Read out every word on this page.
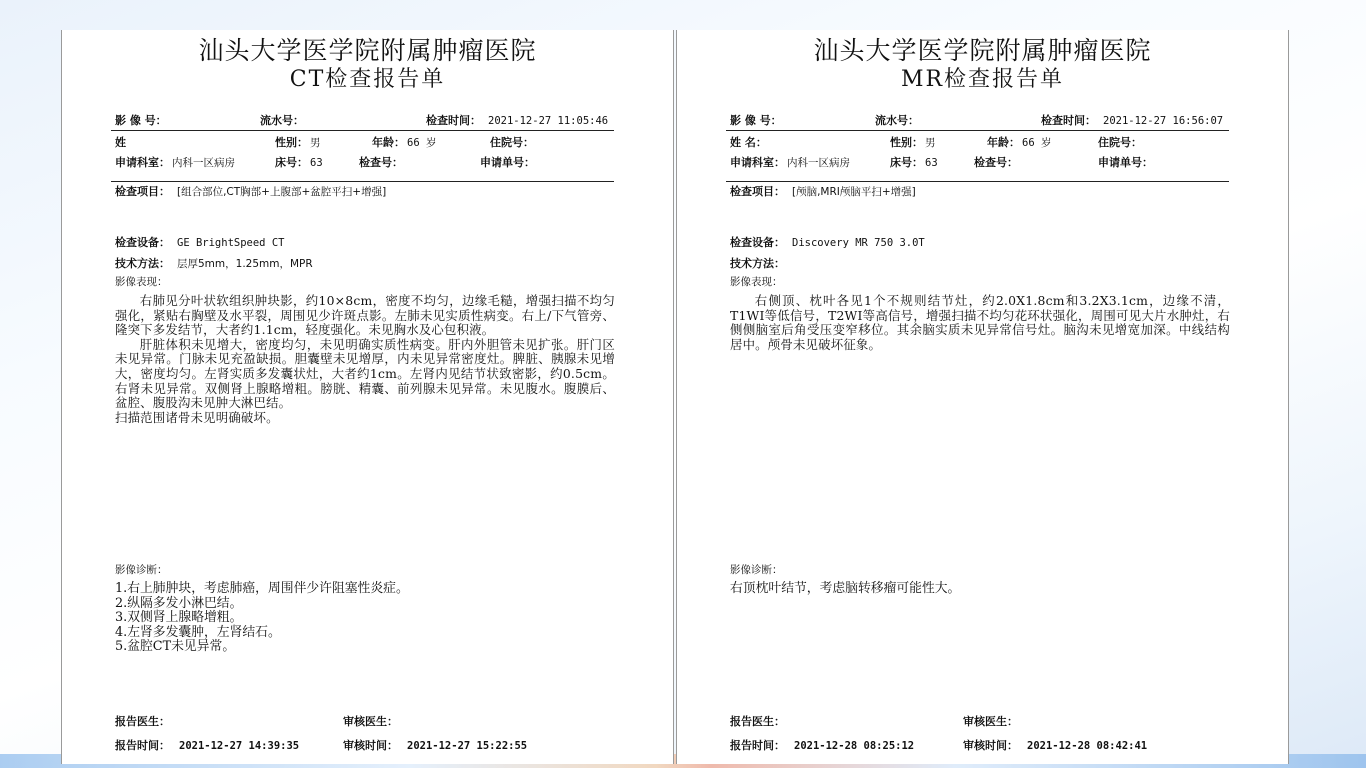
汕头大学医学院附属肿瘤医院
CT检查报告单
影 像 号：	流水号：	检查时间： 2021-12-27 11:05:46
姓	性别： 男	年龄： 66 岁	住院号：
申请科室： 内科一区病房	床号： 63	检查号：	申请单号：
检查项目： [组合部位,CT胸部+上腹部+盆腔平扫+增强]
检查设备： GE BrightSpeed CT
技术方法： 层厚5mm，1.25mm，MPR
影像表现：

右肺见分叶状软组织肿块影，约10×8cm，密度不均匀，边缘毛糙，增强扫描不均匀强化，紧贴右胸壁及水平裂，周围见少许斑点影。左肺未见实质性病变。右上/下气管旁、隆突下多发结节，大者约1.1cm，轻度强化。未见胸水及心包积液。

肝脏体积未见增大，密度均匀，未见明确实质性病变。肝内外胆管未见扩张。肝门区未见异常。门脉未见充盈缺损。胆囊壁未见增厚，内未见异常密度灶。脾脏、胰腺未见增大，密度均匀。左肾实质多发囊状灶，大者约1cm。左肾内见结节状致密影，约0.5cm。右肾未见异常。双侧肾上腺略增粗。膀胱、精囊、前列腺未见异常。未见腹水。腹膜后、盆腔、腹股沟未见肿大淋巴结。

扫描范围诸骨未见明确破坏。

影像诊断：
1.右上肺肿块，考虑肺癌，周围伴少许阻塞性炎症。
2.纵隔多发小淋巴结。
3.双侧肾上腺略增粗。
4.左肾多发囊肿，左肾结石。
5.盆腔CT未见异常。
报告医生：	审核医生：
报告时间： 2021-12-27 14:39:35	审核时间： 2021-12-27 15:22:55
汕头大学医学院附属肿瘤医院
MR检查报告单
影 像 号：	流水号：	检查时间： 2021-12-27 16:56:07
姓 名：	性别： 男	年龄： 66 岁	住院号：
申请科室： 内科一区病房	床号： 63	检查号：	申请单号：
检查项目： [颅脑,MRI颅脑平扫+增强]
检查设备： Discovery MR 750 3.0T
技术方法：
影像表现：

右侧顶、枕叶各见1个不规则结节灶，约2.0X1.8cm和3.2X3.1cm，边缘不清，T1WI等低信号，T2WI等高信号，增强扫描不均匀花环状强化，周围可见大片水肿灶，右侧侧脑室后角受压变窄移位。其余脑实质未见异常信号灶。脑沟未见增宽加深。中线结构居中。颅骨未见破坏征象。

影像诊断：
右顶枕叶结节，考虑脑转移瘤可能性大。
报告医生：	审核医生：
报告时间： 2021-12-28 08:25:12	审核时间： 2021-12-28 08:42:41
